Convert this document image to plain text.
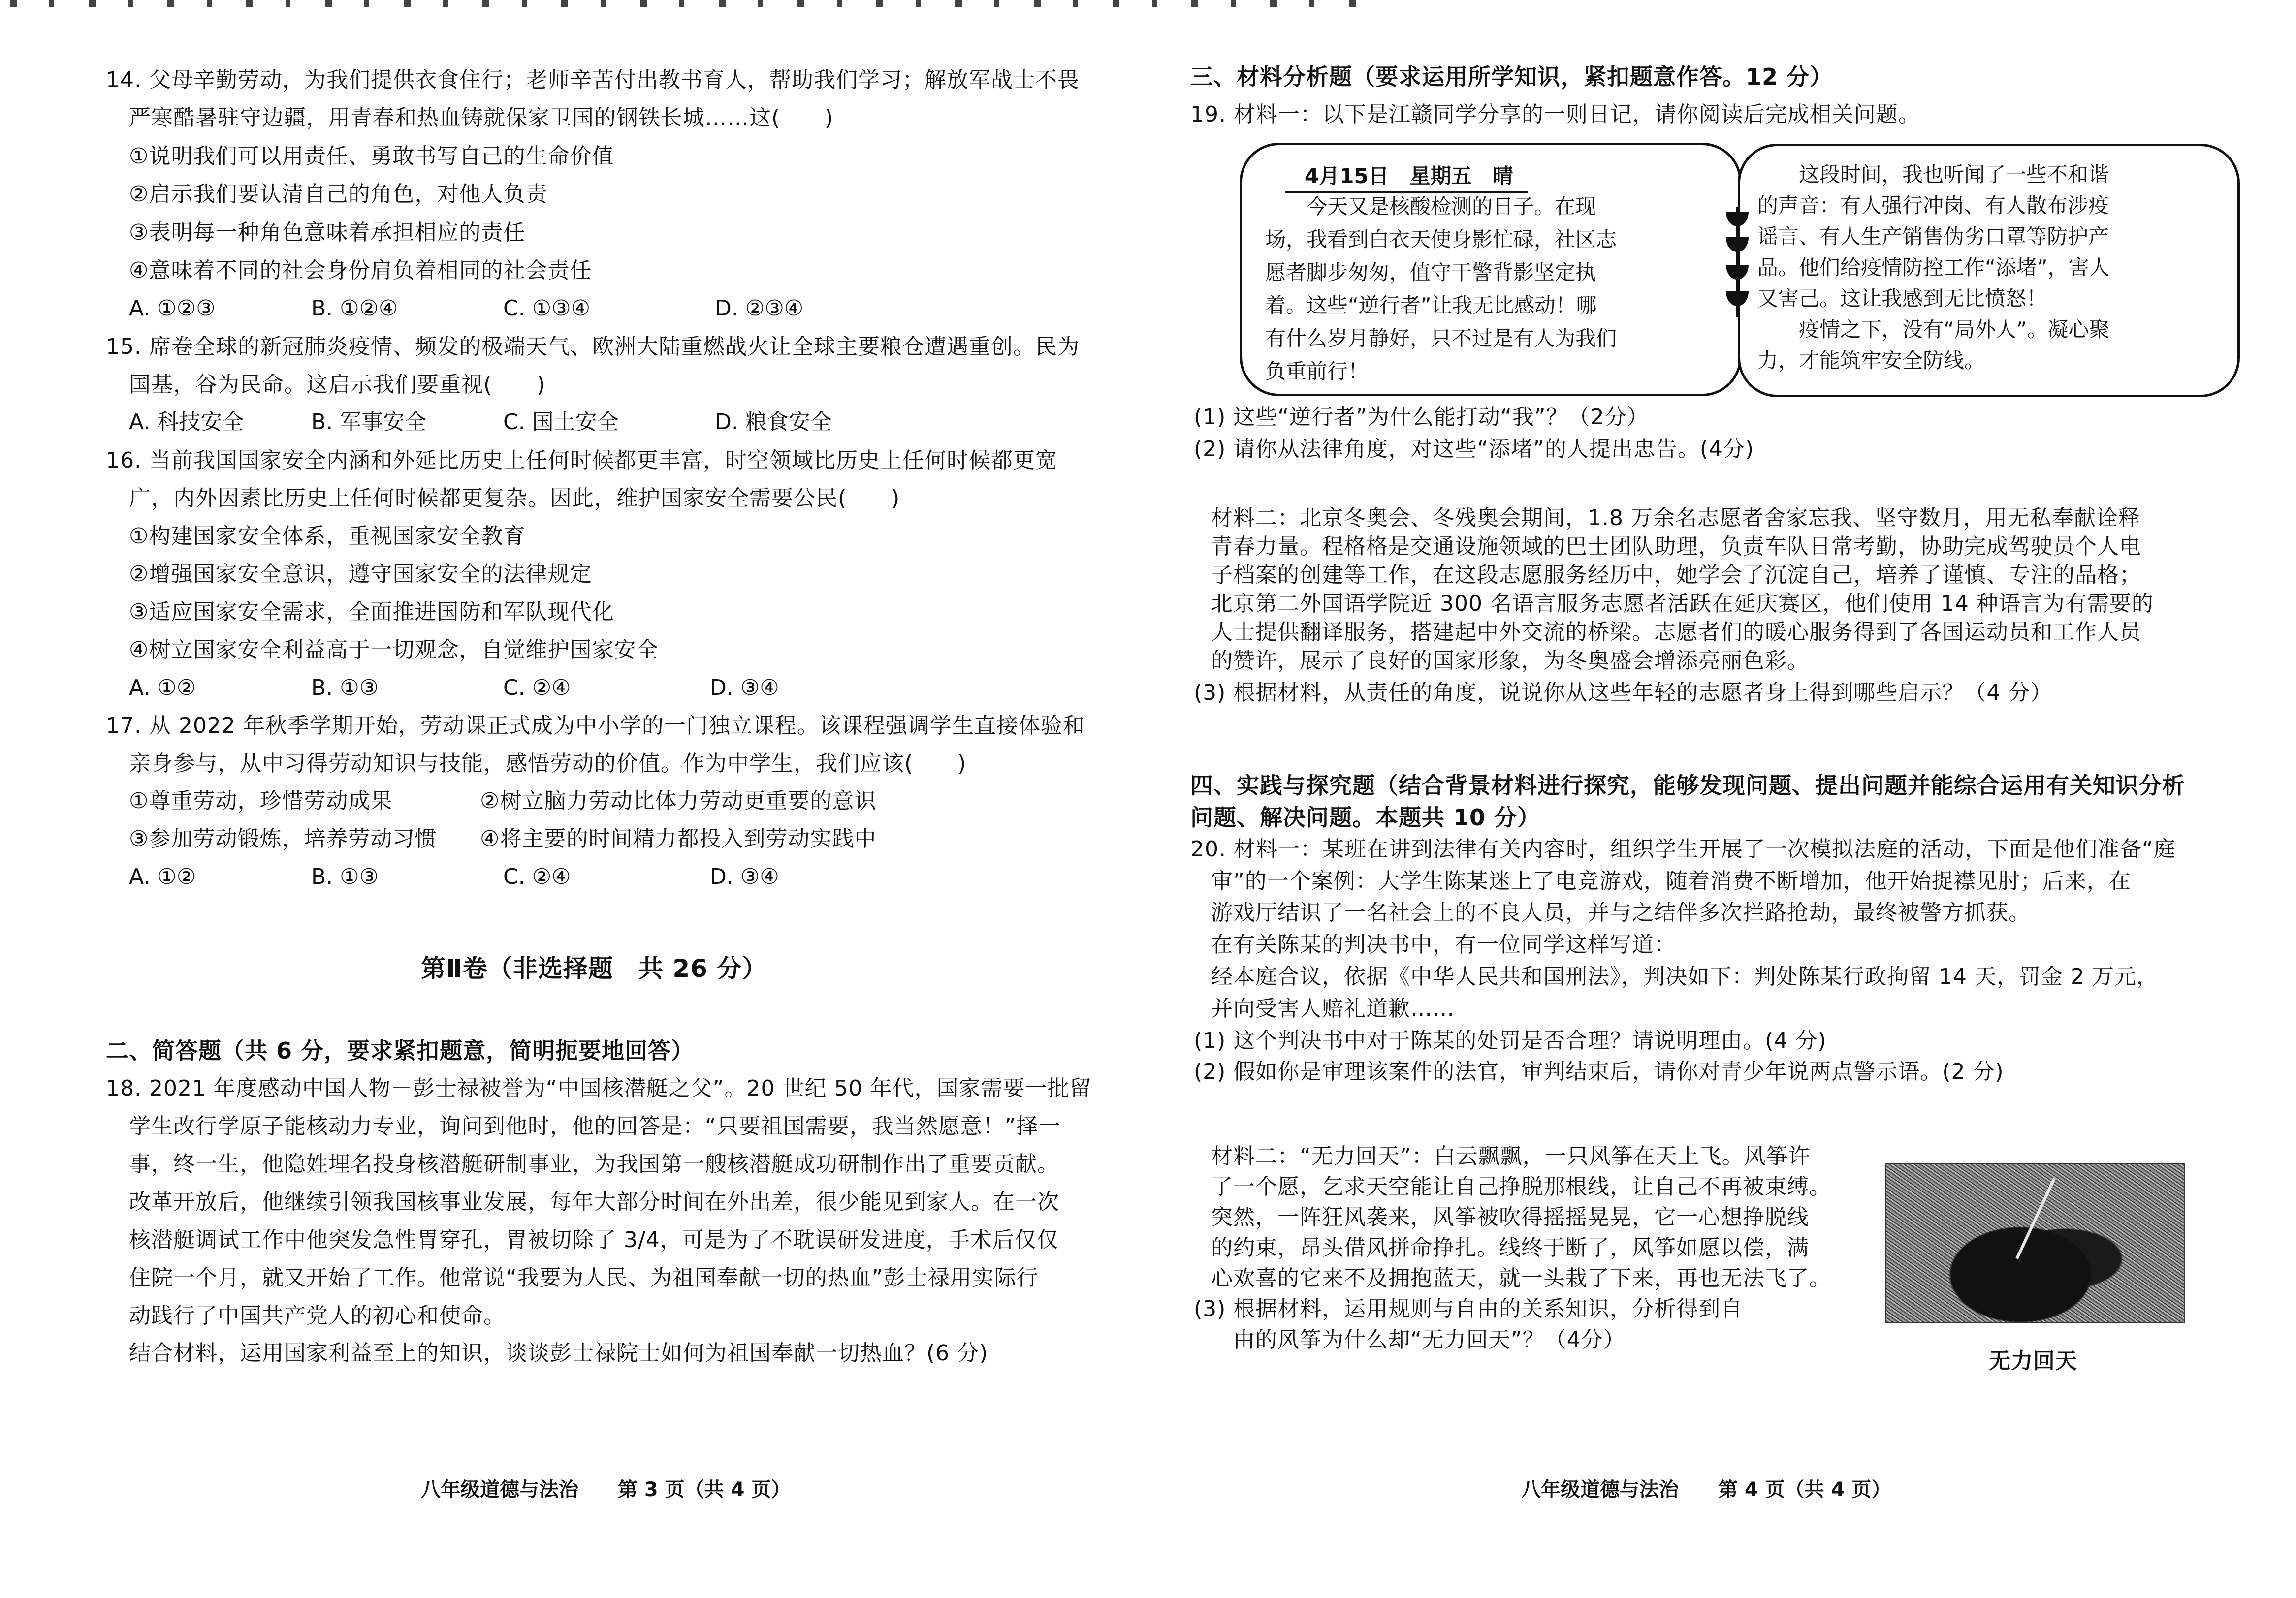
14. 父母辛勤劳动，为我们提供衣食住行；老师辛苦付出教书育人，帮助我们学习；解放军战士不畏
严寒酷暑驻守边疆，用青春和热血铸就保家卫国的钢铁长城……这(　　)
①说明我们可以用责任、勇敢书写自己的生命价值
②启示我们要认清自己的角色，对他人负责
③表明每一种角色意味着承担相应的责任
④意味着不同的社会身份肩负着相同的社会责任
A. ①②③	B. ①②④	C. ①③④	D. ②③④
15. 席卷全球的新冠肺炎疫情、频发的极端天气、欧洲大陆重燃战火让全球主要粮仓遭遇重创。民为
国基，谷为民命。这启示我们要重视(　　)
A. 科技安全	B. 军事安全	C. 国土安全	D. 粮食安全
16. 当前我国国家安全内涵和外延比历史上任何时候都更丰富，时空领域比历史上任何时候都更宽
广，内外因素比历史上任何时候都更复杂。因此，维护国家安全需要公民(　　)
①构建国家安全体系，重视国家安全教育
②增强国家安全意识，遵守国家安全的法律规定
③适应国家安全需求，全面推进国防和军队现代化
④树立国家安全利益高于一切观念，自觉维护国家安全
A. ①②	B. ①③	C. ②④	D. ③④
17. 从 2022 年秋季学期开始，劳动课正式成为中小学的一门独立课程。该课程强调学生直接体验和
亲身参与，从中习得劳动知识与技能，感悟劳动的价值。作为中学生，我们应该(　　)
①尊重劳动，珍惜劳动成果	②树立脑力劳动比体力劳动更重要的意识
③参加劳动锻炼，培养劳动习惯 ④将主要的时间精力都投入到劳动实践中
A. ①②	B. ①③	C. ②④	D. ③④
第Ⅱ卷（非选择题　共 26 分）
二、简答题（共 6 分，要求紧扣题意，简明扼要地回答）
18. 2021 年度感动中国人物－彭士禄被誉为“中国核潜艇之父”。20 世纪 50 年代，国家需要一批留
学生改行学原子能核动力专业，询问到他时，他的回答是：“只要祖国需要，我当然愿意！”择一
事，终一生，他隐姓埋名投身核潜艇研制事业，为我国第一艘核潜艇成功研制作出了重要贡献。
改革开放后，他继续引领我国核事业发展，每年大部分时间在外出差，很少能见到家人。在一次
核潜艇调试工作中他突发急性胃穿孔，胃被切除了 3/4，可是为了不耽误研发进度，手术后仅仅
住院一个月，就又开始了工作。他常说“我要为人民、为祖国奉献一切的热血”彭士禄用实际行
动践行了中国共产党人的初心和使命。
结合材料，运用国家利益至上的知识，谈谈彭士禄院士如何为祖国奉献一切热血？(6 分)
八年级道德与法治　　第 3 页（共 4 页）
三、材料分析题（要求运用所学知识，紧扣题意作答。12 分）
19. 材料一：以下是江赣同学分享的一则日记，请你阅读后完成相关问题。
4月15日　星期五　晴
　　今天又是核酸检测的日子。在现
场，我看到白衣天使身影忙碌，社区志
愿者脚步匆匆，值守干警背影坚定执
着。这些“逆行者”让我无比感动！哪
有什么岁月静好，只不过是有人为我们
负重前行！
　　这段时间，我也听闻了一些不和谐
的声音：有人强行冲岗、有人散布涉疫
谣言、有人生产销售伪劣口罩等防护产
品。他们给疫情防控工作“添堵”，害人
又害己。这让我感到无比愤怒！
　　疫情之下，没有“局外人”。凝心聚
力，才能筑牢安全防线。
(1) 这些“逆行者”为什么能打动“我”？（2分）
(2) 请你从法律角度，对这些“添堵”的人提出忠告。(4分)
材料二：北京冬奥会、冬残奥会期间，1.8 万余名志愿者舍家忘我、坚守数月，用无私奉献诠释
青春力量。程格格是交通设施领域的巴士团队助理，负责车队日常考勤，协助完成驾驶员个人电
子档案的创建等工作，在这段志愿服务经历中，她学会了沉淀自己，培养了谨慎、专注的品格；
北京第二外国语学院近 300 名语言服务志愿者活跃在延庆赛区，他们使用 14 种语言为有需要的
人士提供翻译服务，搭建起中外交流的桥梁。志愿者们的暖心服务得到了各国运动员和工作人员
的赞许，展示了良好的国家形象，为冬奥盛会增添亮丽色彩。
(3) 根据材料，从责任的角度，说说你从这些年轻的志愿者身上得到哪些启示？（4 分）
四、实践与探究题（结合背景材料进行探究，能够发现问题、提出问题并能综合运用有关知识分析
问题、解决问题。本题共 10 分）
20. 材料一：某班在讲到法律有关内容时，组织学生开展了一次模拟法庭的活动，下面是他们准备“庭
审”的一个案例：大学生陈某迷上了电竞游戏，随着消费不断增加，他开始捉襟见肘；后来，在
游戏厅结识了一名社会上的不良人员，并与之结伴多次拦路抢劫，最终被警方抓获。
在有关陈某的判决书中，有一位同学这样写道：
经本庭合议，依据《中华人民共和国刑法》，判决如下：判处陈某行政拘留 14 天，罚金 2 万元，
并向受害人赔礼道歉……
(1) 这个判决书中对于陈某的处罚是否合理？请说明理由。(4 分)
(2) 假如你是审理该案件的法官，审判结束后，请你对青少年说两点警示语。(2 分)
材料二：“无力回天”：白云飘飘，一只风筝在天上飞。风筝许
了一个愿，乞求天空能让自己挣脱那根线，让自己不再被束缚。
突然，一阵狂风袭来，风筝被吹得摇摇晃晃，它一心想挣脱线
的约束，昂头借风拼命挣扎。线终于断了，风筝如愿以偿，满
心欢喜的它来不及拥抱蓝天，就一头栽了下来，再也无法飞了。
(3) 根据材料，运用规则与自由的关系知识，分析得到自
由的风筝为什么却“无力回天”？（4分）
无力回天
八年级道德与法治　　第 4 页（共 4 页）
